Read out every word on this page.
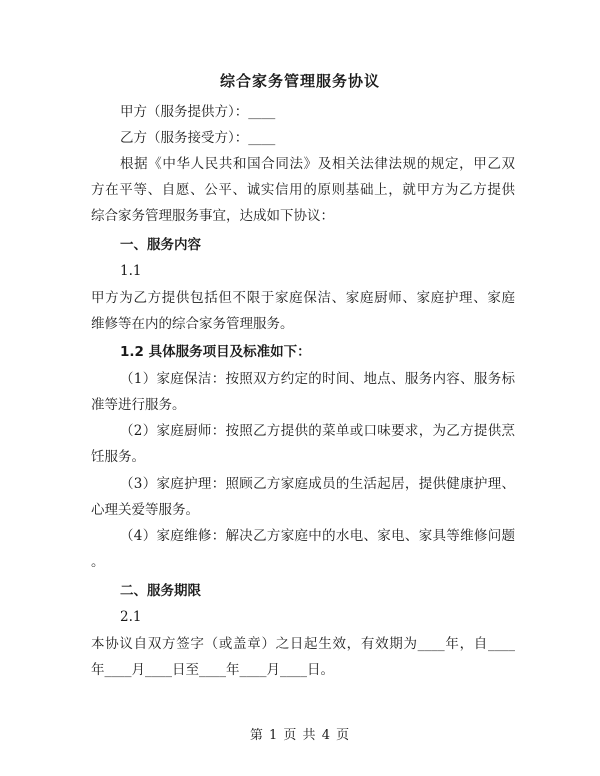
综合家务管理服务协议

甲方（服务提供方）：____

乙方（服务接受方）：____

根据《中华人民共和国合同法》及相关法律法规的规定，甲乙双

方在平等、自愿、公平、诚实信用的原则基础上，就甲方为乙方提供

综合家务管理服务事宜，达成如下协议：

一、服务内容

1.1

甲方为乙方提供包括但不限于家庭保洁、家庭厨师、家庭护理、家庭

维修等在内的综合家务管理服务。

1.2 具体服务项目及标准如下：

（1）家庭保洁：按照双方约定的时间、地点、服务内容、服务标

准等进行服务。

（2）家庭厨师：按照乙方提供的菜单或口味要求，为乙方提供烹

饪服务。

（3）家庭护理：照顾乙方家庭成员的生活起居，提供健康护理、

心理关爱等服务。

（4）家庭维修：解决乙方家庭中的水电、家电、家具等维修问题

。

二、服务期限

2.1

本协议自双方签字（或盖章）之日起生效，有效期为____年，自____

年____月____日至____年____月____日。

第 1 页 共 4 页
